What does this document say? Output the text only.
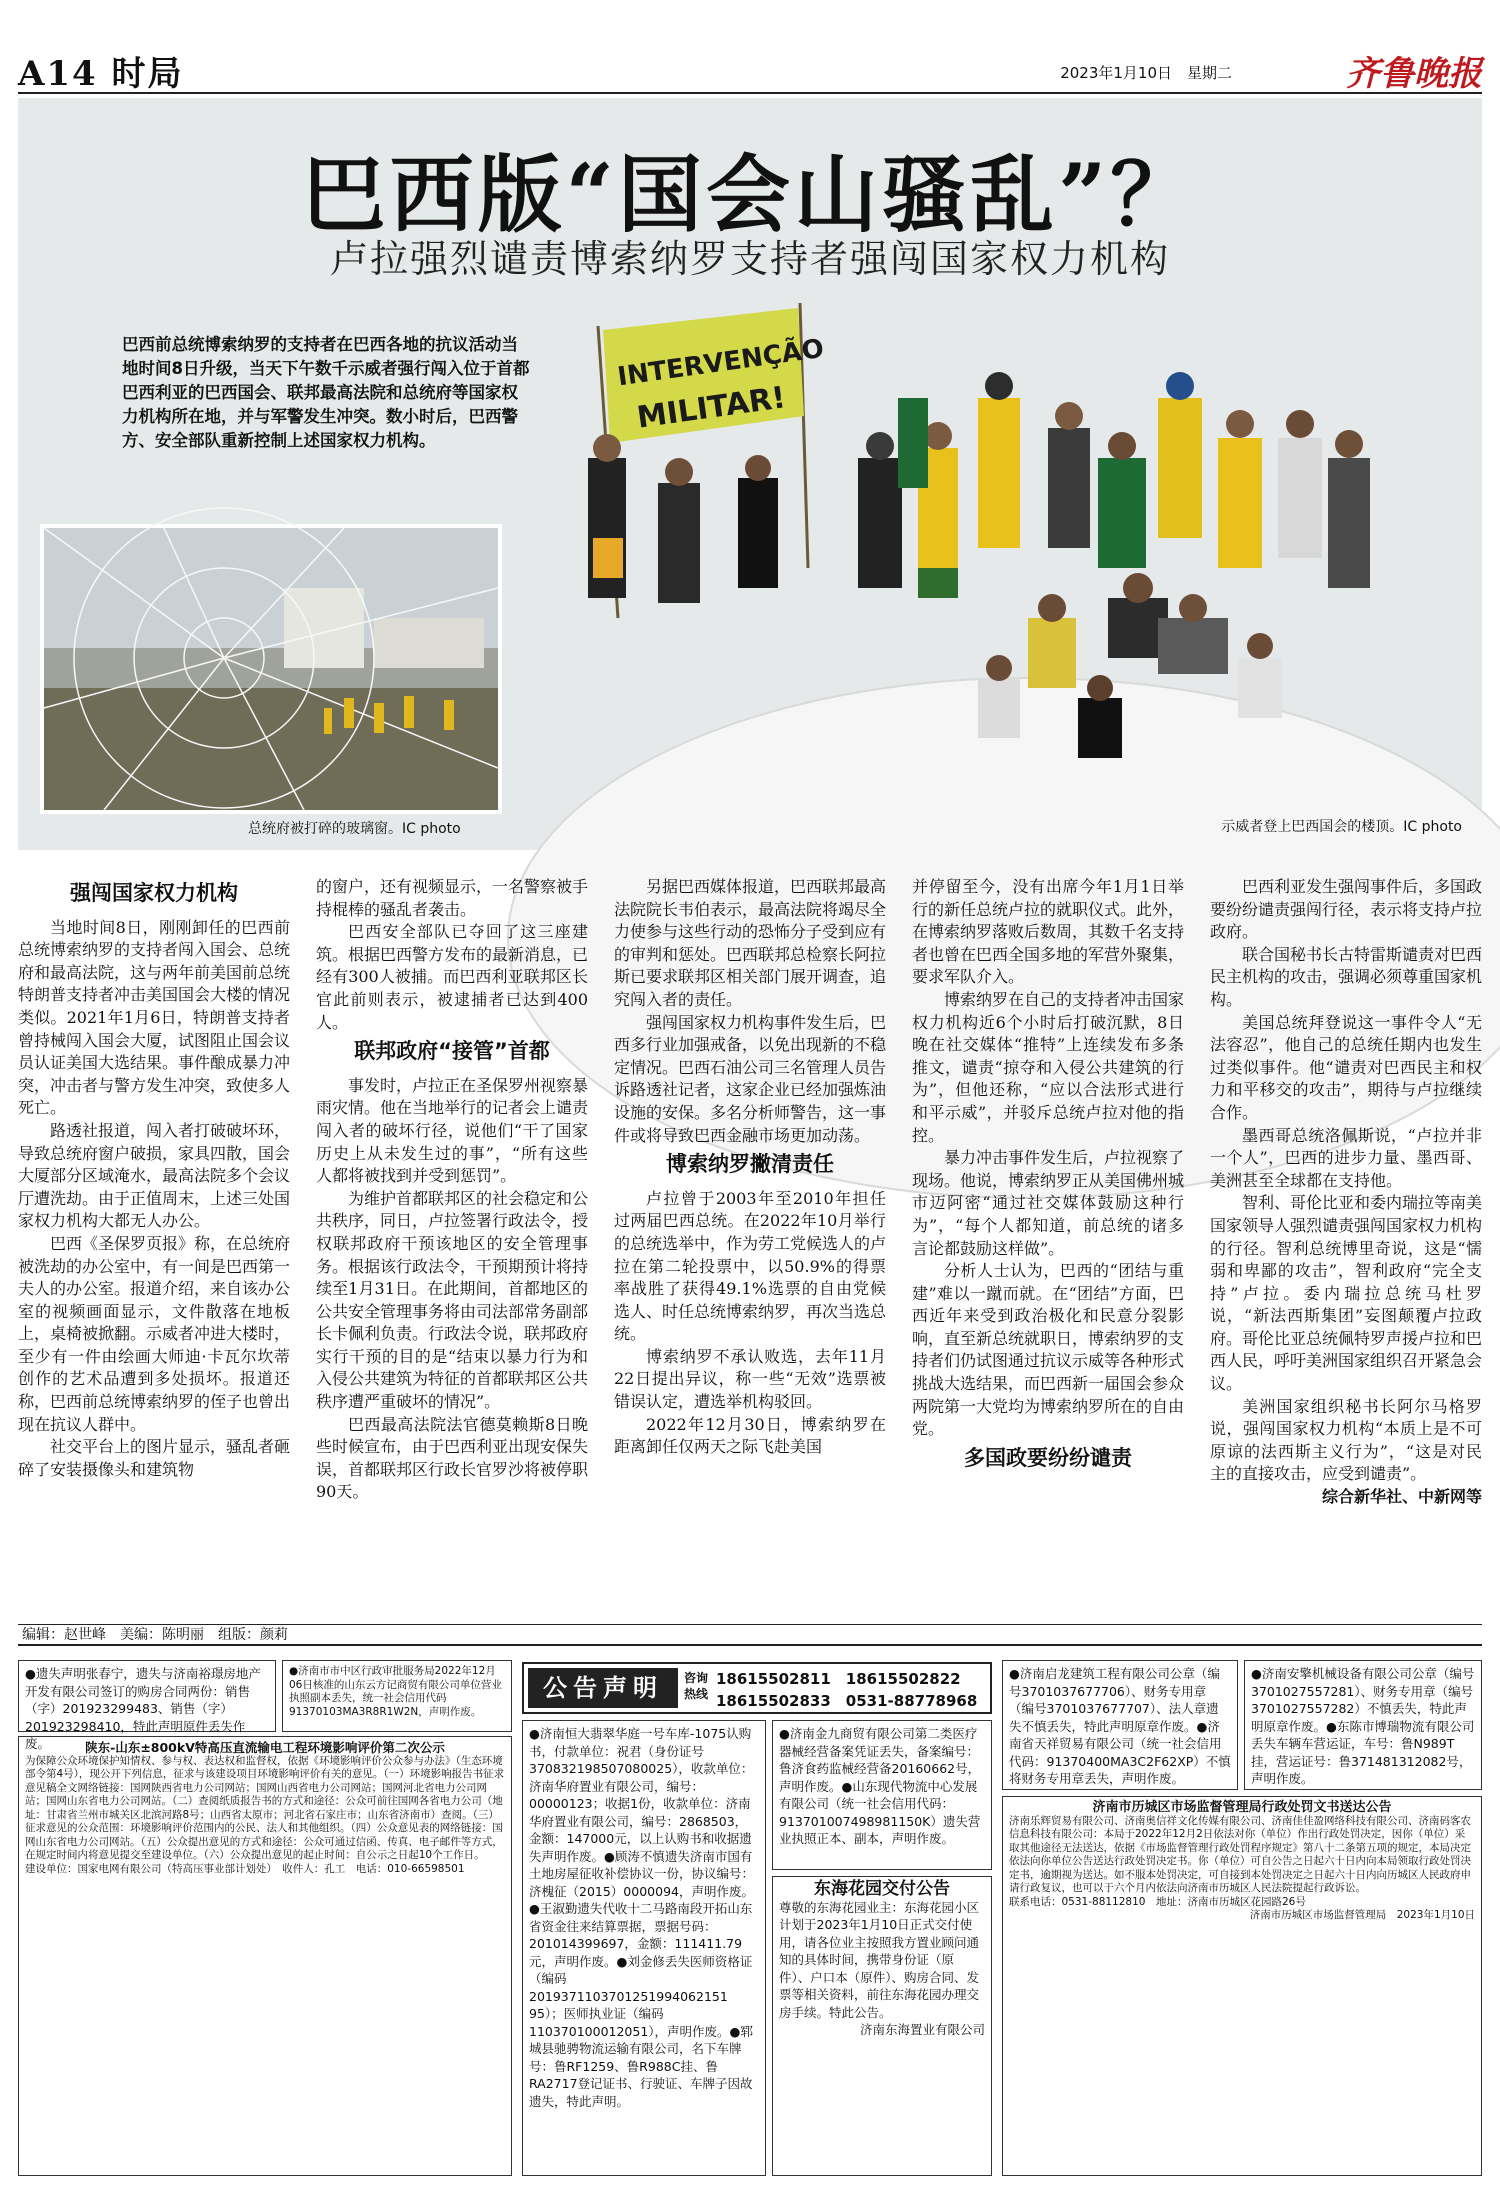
A14 时局	2023年1月10日　星期二	齐鲁晚报
INTERVENÇÃO
MILITAR!
巴西版“国会山骚乱”？
卢拉强烈谴责博索纳罗支持者强闯国家权力机构
巴西前总统博索纳罗的支持者在巴西各地的抗议活动当地时间8日升级，当天下午数千示威者强行闯入位于首都巴西利亚的巴西国会、联邦最高法院和总统府等国家权力机构所在地，并与军警发生冲突。数小时后，巴西警方、安全部队重新控制上述国家权力机构。
总统府被打碎的玻璃窗。IC photo	示威者登上巴西国会的楼顶。IC photo
强闯国家权力机构

当地时间8日，刚刚卸任的巴西前总统博索纳罗的支持者闯入国会、总统府和最高法院，这与两年前美国前总统特朗普支持者冲击美国国会大楼的情况类似。2021年1月6日，特朗普支持者曾持械闯入国会大厦，试图阻止国会议员认证美国大选结果。事件酿成暴力冲突，冲击者与警方发生冲突，致使多人死亡。

路透社报道，闯入者打破破坏环，导致总统府窗户破损，家具四散，国会大厦部分区域淹水，最高法院多个会议厅遭洗劫。由于正值周末，上述三处国家权力机构大都无人办公。

巴西《圣保罗页报》称，在总统府被洗劫的办公室中，有一间是巴西第一夫人的办公室。报道介绍，来自该办公室的视频画面显示，文件散落在地板上，桌椅被掀翻。示威者冲进大楼时，至少有一件由绘画大师迪·卡瓦尔坎蒂创作的艺术品遭到多处损坏。报道还称，巴西前总统博索纳罗的侄子也曾出现在抗议人群中。

社交平台上的图片显示，骚乱者砸碎了安装摄像头和建筑物

的窗户，还有视频显示，一名警察被手持棍棒的骚乱者袭击。

巴西安全部队已夺回了这三座建筑。根据巴西警方发布的最新消息，已经有300人被捕。而巴西利亚联邦区长官此前则表示，被逮捕者已达到400人。

联邦政府“接管”首都

事发时，卢拉正在圣保罗州视察暴雨灾情。他在当地举行的记者会上谴责闯入者的破坏行径，说他们“干了国家历史上从未发生过的事”，“所有这些人都将被找到并受到惩罚”。

为维护首都联邦区的社会稳定和公共秩序，同日，卢拉签署行政法令，授权联邦政府干预该地区的安全管理事务。根据该行政法令，干预期预计将持续至1月31日。在此期间，首都地区的公共安全管理事务将由司法部常务副部长卡佩利负责。行政法令说，联邦政府实行干预的目的是“结束以暴力行为和入侵公共建筑为特征的首都联邦区公共秩序遭严重破坏的情况”。

巴西最高法院法官德莫赖斯8日晚些时候宣布，由于巴西利亚出现安保失误，首都联邦区行政长官罗沙将被停职90天。

另据巴西媒体报道，巴西联邦最高法院院长韦伯表示，最高法院将竭尽全力使参与这些行动的恐怖分子受到应有的审判和惩处。巴西联邦总检察长阿拉斯已要求联邦区相关部门展开调查，追究闯入者的责任。

强闯国家权力机构事件发生后，巴西多行业加强戒备，以免出现新的不稳定情况。巴西石油公司三名管理人员告诉路透社记者，这家企业已经加强炼油设施的安保。多名分析师警告，这一事件或将导致巴西金融市场更加动荡。

博索纳罗撇清责任

卢拉曾于2003年至2010年担任过两届巴西总统。在2022年10月举行的总统选举中，作为劳工党候选人的卢拉在第二轮投票中，以50.9%的得票率战胜了获得49.1%选票的自由党候选人、时任总统博索纳罗，再次当选总统。

博索纳罗不承认败选，去年11月22日提出异议，称一些“无效”选票被错误认定，遭选举机构驳回。

2022年12月30日，博索纳罗在距离卸任仅两天之际飞赴美国

并停留至今，没有出席今年1月1日举行的新任总统卢拉的就职仪式。此外，在博索纳罗落败后数周，其数千名支持者也曾在巴西全国多地的军营外聚集，要求军队介入。

博索纳罗在自己的支持者冲击国家权力机构近6个小时后打破沉默，8日晚在社交媒体“推特”上连续发布多条推文，谴责“掠夺和入侵公共建筑的行为”，但他还称，“应以合法形式进行和平示威”，并驳斥总统卢拉对他的指控。

暴力冲击事件发生后，卢拉视察了现场。他说，博索纳罗正从美国佛州城市迈阿密“通过社交媒体鼓励这种行为”，“每个人都知道，前总统的诸多言论都鼓励这样做”。

分析人士认为，巴西的“团结与重建”难以一蹴而就。在“团结”方面，巴西近年来受到政治极化和民意分裂影响，直至新总统就职日，博索纳罗的支持者们仍试图通过抗议示威等各种形式挑战大选结果，而巴西新一届国会参众两院第一大党均为博索纳罗所在的自由党。

多国政要纷纷谴责

巴西利亚发生强闯事件后，多国政要纷纷谴责强闯行径，表示将支持卢拉政府。

联合国秘书长古特雷斯谴责对巴西民主机构的攻击，强调必须尊重国家机构。

美国总统拜登说这一事件令人“无法容忍”，他自己的总统任期内也发生过类似事件。他“谴责对巴西民主和权力和平移交的攻击”，期待与卢拉继续合作。

墨西哥总统洛佩斯说，“卢拉并非一个人”，巴西的进步力量、墨西哥、美洲甚至全球都在支持他。

智利、哥伦比亚和委内瑞拉等南美国家领导人强烈谴责强闯国家权力机构的行径。智利总统博里奇说，这是“懦弱和卑鄙的攻击”，智利政府“完全支持”卢拉。委内瑞拉总统马杜罗说，“新法西斯集团”妄图颠覆卢拉政府。哥伦比亚总统佩特罗声援卢拉和巴西人民，呼吁美洲国家组织召开紧急会议。

美洲国家组织秘书长阿尔马格罗说，强闯国家权力机构“本质上是不可原谅的法西斯主义行为”，“这是对民主的直接攻击，应受到谴责”。

综合新华社、中新网等

编辑：赵世峰　美编：陈明丽　组版：颜莉

●遗失声明张春宁，遗失与济南裕璟房地产开发有限公司签订的购房合同两份：销售（字）201923299483、销售（字）201923298410，特此声明原件丢失作废。	陕东-山东±800kV特高压直流输电工程环境影响评价第二次公示

为保障公众环境保护知情权、参与权、表达权和监督权，依据《环境影响评价公众参与办法》（生态环境部令第4号），现公开下列信息，征求与该建设项目环境影响评价有关的意见。（一）环境影响报告书征求意见稿全文网络链接：国网陕西省电力公司网站；国网山西省电力公司网站；国网河北省电力公司网站；国网山东省电力公司网站。（二）查阅纸质报告书的方式和途径：公众可前往国网各省电力公司（地址：甘肃省兰州市城关区北滨河路8号；山西省太原市；河北省石家庄市；山东省济南市）查阅。（三）征求意见的公众范围：环境影响评价范围内的公民、法人和其他组织。（四）公众意见表的网络链接：国网山东省电力公司网站。（五）公众提出意见的方式和途径：公众可通过信函、传真、电子邮件等方式，在规定时间内将意见提交至建设单位。（六）公众提出意见的起止时间：自公示之日起10个工作日。

建设单位：国家电网有限公司（特高压事业部计划处）　收件人：孔工　电话：010-66598501

●济南市市中区行政审批服务局2022年12月06日核准的山东云方记商贸有限公司单位营业执照副本丢失，统一社会信用代码91370103MA3R8R1W2N，声明作废。

公告声明	咨询热线
18615502811　18615502822
18615502833　0531-88778968

●济南恒大翡翠华庭一号车库-1075认购书，付款单位：祝君（身份证号370832198507080025），收款单位：济南华府置业有限公司，编号：00000123；收据1份，收款单位：济南华府置业有限公司，编号：2868503，金额：147000元，以上认购书和收据遗失声明作废。●顾涛不慎遗失济南市国有土地房屋征收补偿协议一份，协议编号：济槐征（2015）0000094，声明作废。●王淑勤遗失代收十二马路南段开拓山东省资金往来结算票据，票据号码：201014399697，金额：111411.79元，声明作废。●刘金修丢失医师资格证（编码2019371103701251994062151​95）；医师执业证（编码110370100012051），声明作废。●郓城县驰骋物流运输有限公司，名下车牌号：鲁RF1259、鲁R988C挂、鲁RA2717登记证书、行驶证、车牌子因故遗失，特此声明。

●济南金九商贸有限公司第二类医疗器械经营备案凭证丢失，备案编号：鲁济食药监械经营备20160662号，声明作废。●山东现代物流中心发展有限公司（统一社会信用代码：913701007498981150K）遗失营业执照正本、副本，声明作废。

东海花园交付公告

尊敬的东海花园业主：东海花园小区计划于2023年1月10日正式交付使用，请各位业主按照我方置业顾问通知的具体时间，携带身份证（原件）、户口本（原件）、购房合同、发票等相关资料，前往东海花园办理交房手续。特此公告。

济南东海置业有限公司

●济南启龙建筑工程有限公司公章（编号3701037677706）、财务专用章（编号3701037677707）、法人章遗失不慎丢失，特此声明原章作废。●济南省天祥贸易有限公司（统一社会信用代码：91370400MA3C2F62XP）不慎将财务专用章丢失，声明作废。

●济南安擎机械设备有限公司公章（编号3701027557281）、财务专用章（编号3701027557282）不慎丢失，特此声明原章作废。●东陈市博瑞物流有限公司丢失车辆车营运证，车号：鲁N989T挂，营运证号：鲁371481312082号，声明作废。

济南市历城区市场监督管理局行政处罚文书送达公告

济南乐辉贸易有限公司、济南奥信祥文化传媒有限公司、济南佳佳盈网络科技有限公司、济南码客农信息科技有限公司：本局于2022年12月2日依法对你（单位）作出行政处罚决定，因你（单位）采取其他途径无法送达，依据《市场监督管理行政处罚程序规定》第八十二条第五项的规定，本局决定依法向你单位公告送达行政处罚决定书。你（单位）可自公告之日起六十日内向本局领取行政处罚决定书，逾期视为送达。如不服本处罚决定，可自接到本处罚决定之日起六十日内向历城区人民政府申请行政复议，也可以于六个月内依法向济南市历城区人民法院提起行政诉讼。

联系电话：0531-88112810　地址：济南市历城区花园路26号

济南市历城区市场监督管理局　2023年1月10日
